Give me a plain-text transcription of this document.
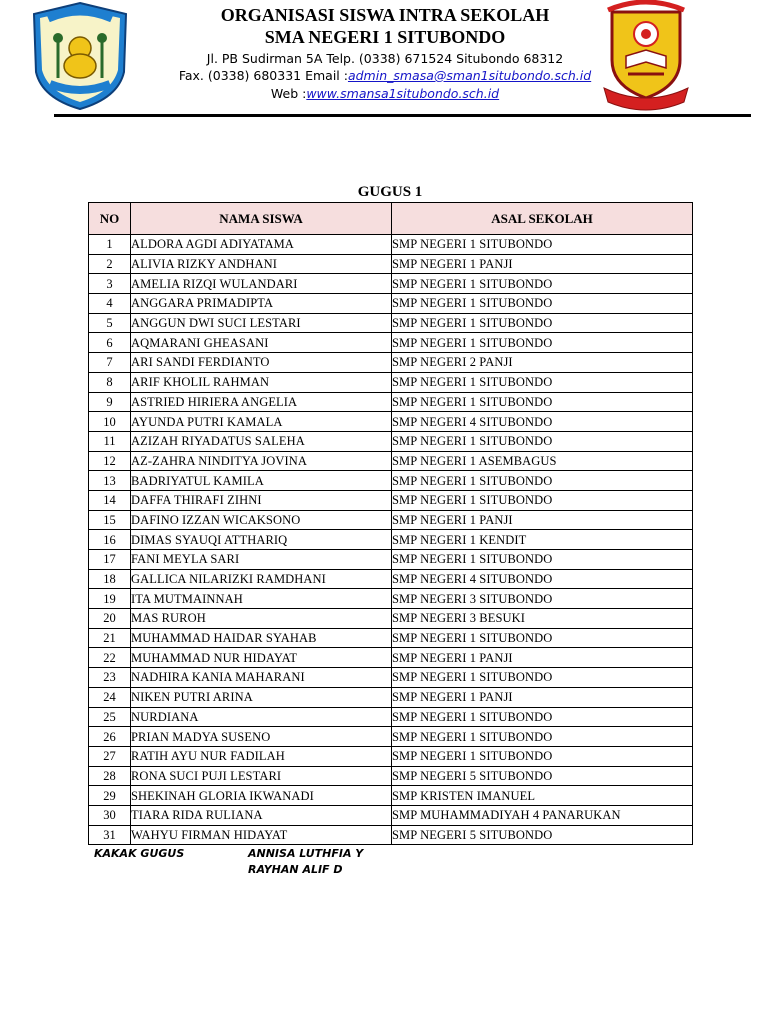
ORGANISASI SISWA INTRA SEKOLAH
SMA NEGERI 1 SITUBONDO
Jl. PB Sudirman 5A Telp. (0338) 671524 Situbondo 68312
Fax. (0338) 680331 Email :admin_smasa@sman1situbondo.sch.id
Web :www.smansa1situbondo.sch.id
GUGUS 1
NO	NAMA SISWA	ASAL SEKOLAH
1	ALDORA AGDI ADIYATAMA	SMP NEGERI 1 SITUBONDO
2	ALIVIA RIZKY ANDHANI	SMP NEGERI 1 PANJI
3	AMELIA RIZQI WULANDARI	SMP NEGERI 1 SITUBONDO
4	ANGGARA PRIMADIPTA	SMP NEGERI 1 SITUBONDO
5	ANGGUN DWI SUCI LESTARI	SMP NEGERI 1 SITUBONDO
6	AQMARANI GHEASANI	SMP NEGERI 1 SITUBONDO
7	ARI SANDI FERDIANTO	SMP NEGERI 2 PANJI
8	ARIF KHOLIL RAHMAN	SMP NEGERI 1 SITUBONDO
9	ASTRIED HIRIERA ANGELIA	SMP NEGERI 1 SITUBONDO
10	AYUNDA PUTRI KAMALA	SMP NEGERI 4 SITUBONDO
11	AZIZAH RIYADATUS SALEHA	SMP NEGERI 1 SITUBONDO
12	AZ-ZAHRA NINDITYA JOVINA	SMP NEGERI 1 ASEMBAGUS
13	BADRIYATUL KAMILA	SMP NEGERI 1 SITUBONDO
14	DAFFA THIRAFI ZIHNI	SMP NEGERI 1 SITUBONDO
15	DAFINO IZZAN WICAKSONO	SMP NEGERI 1 PANJI
16	DIMAS SYAUQI ATTHARIQ	SMP NEGERI 1 KENDIT
17	FANI MEYLA SARI	SMP NEGERI 1 SITUBONDO
18	GALLICA NILARIZKI RAMDHANI	SMP NEGERI 4 SITUBONDO
19	ITA MUTMAINNAH	SMP NEGERI 3 SITUBONDO
20	MAS RUROH	SMP NEGERI 3 BESUKI
21	MUHAMMAD HAIDAR SYAHAB	SMP NEGERI 1 SITUBONDO
22	MUHAMMAD NUR HIDAYAT	SMP NEGERI 1 PANJI
23	NADHIRA KANIA MAHARANI	SMP NEGERI 1 SITUBONDO
24	NIKEN PUTRI ARINA	SMP NEGERI 1 PANJI
25	NURDIANA	SMP NEGERI 1 SITUBONDO
26	PRIAN MADYA SUSENO	SMP NEGERI 1 SITUBONDO
27	RATIH AYU NUR FADILAH	SMP NEGERI 1 SITUBONDO
28	RONA SUCI PUJI LESTARI	SMP NEGERI 5 SITUBONDO
29	SHEKINAH GLORIA IKWANADI	SMP KRISTEN IMANUEL
30	TIARA RIDA RULIANA	SMP MUHAMMADIYAH 4 PANARUKAN
31	WAHYU FIRMAN HIDAYAT	SMP NEGERI 5 SITUBONDO
KAKAK GUGUS	ANNISA LUTHFIA Y
RAYHAN ALIF D
